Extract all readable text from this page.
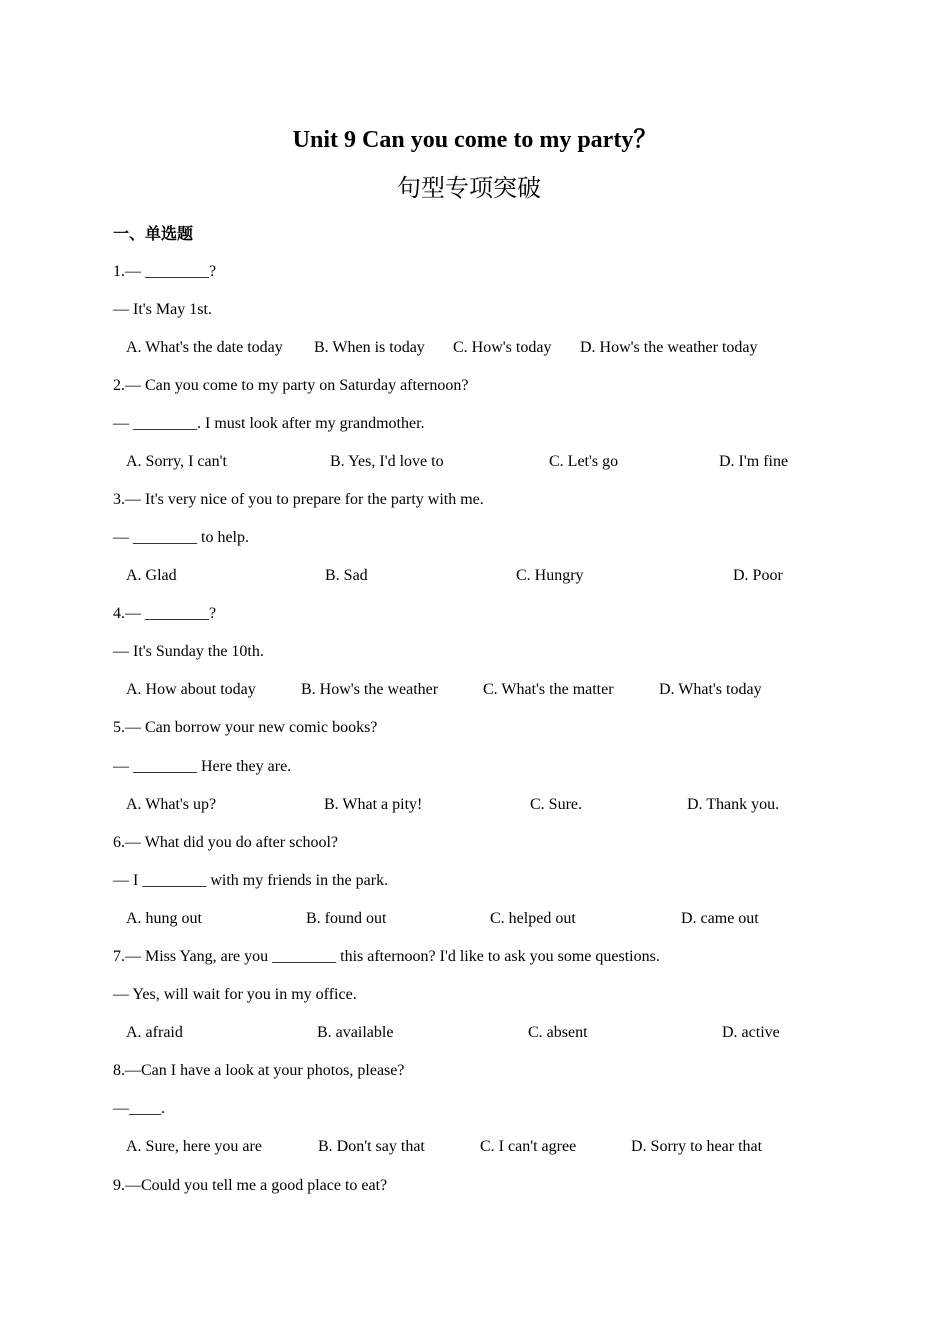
Unit 9 Can you come to my party？
句型专项突破
一、单选题
1.— ________?
— It's May 1st.
A. What's the date today B. When is today C. How's today D. How's the weather today
2.— Can you come to my party on Saturday afternoon?
— ________. I must look after my grandmother.
A. Sorry, I can't	B. Yes, I'd love to	C. Let's go	D. I'm fine
3.— It's very nice of you to prepare for the party with me.
— ________ to help.
A. Glad	B. Sad	C. Hungry	D. Poor
4.— ________?
— It's Sunday the 10th.
A. How about today	B. How's the weather	C. What's the matter	D. What's today
5.— Can borrow your new comic books?
— ________ Here they are.
A. What's up?	B. What a pity!	C. Sure.	D. Thank you.
6.— What did you do after school?
— I ________ with my friends in the park.
A. hung out	B. found out	C. helped out	D. came out
7.— Miss Yang, are you ________ this afternoon? I'd like to ask you some questions.
— Yes, will wait for you in my office.
A. afraid	B. available	C. absent	D. active
8.—Can I have a look at your photos, please?
—____.
A. Sure, here you are	B. Don't say that	C. I can't agree	D. Sorry to hear that
9.—Could you tell me a good place to eat?
